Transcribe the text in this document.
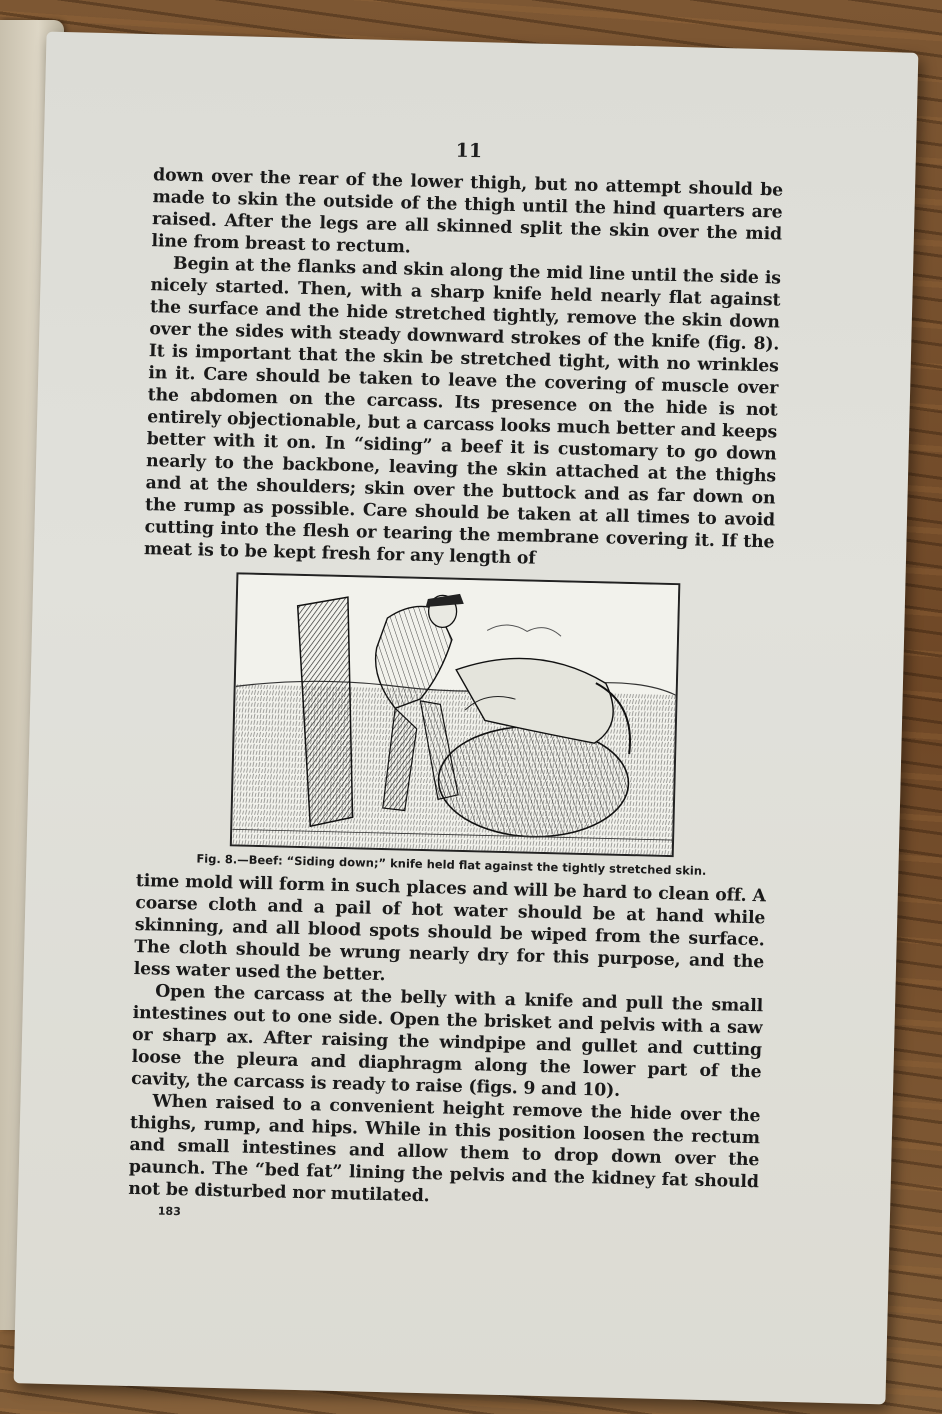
11

down over the rear of the lower thigh, but no attempt should be made to skin the outside of the thigh until the hind quarters are raised. After the legs are all skinned split the skin over the mid line from breast to rectum.

Begin at the flanks and skin along the mid line until the side is nicely started. Then, with a sharp knife held nearly flat against the surface and the hide stretched tightly, remove the skin down over the sides with steady downward strokes of the knife (fig. 8). It is important that the skin be stretched tight, with no wrinkles in it. Care should be taken to leave the covering of muscle over the abdomen on the carcass. Its presence on the hide is not entirely objectionable, but a carcass looks much better and keeps better with it on. In “siding” a beef it is customary to go down nearly to the backbone, leaving the skin attached at the thighs and at the shoulders; skin over the buttock and as far down on the rump as possible. Care should be taken at all times to avoid cutting into the flesh or tearing the membrane covering it. If the meat is to be kept fresh for any length of

Fig. 8.—Beef: “Siding down;” knife held flat against the tightly stretched skin.

time mold will form in such places and will be hard to clean off. A coarse cloth and a pail of hot water should be at hand while skinning, and all blood spots should be wiped from the surface. The cloth should be wrung nearly dry for this purpose, and the less water used the better.

Open the carcass at the belly with a knife and pull the small intestines out to one side. Open the brisket and pelvis with a saw or sharp ax. After raising the windpipe and gullet and cutting loose the pleura and diaphragm along the lower part of the cavity, the carcass is ready to raise (figs. 9 and 10).

When raised to a convenient height remove the hide over the thighs, rump, and hips. While in this position loosen the rectum and small intestines and allow them to drop down over the paunch. The “bed fat” lining the pelvis and the kidney fat should not be disturbed nor mutilated.

183
